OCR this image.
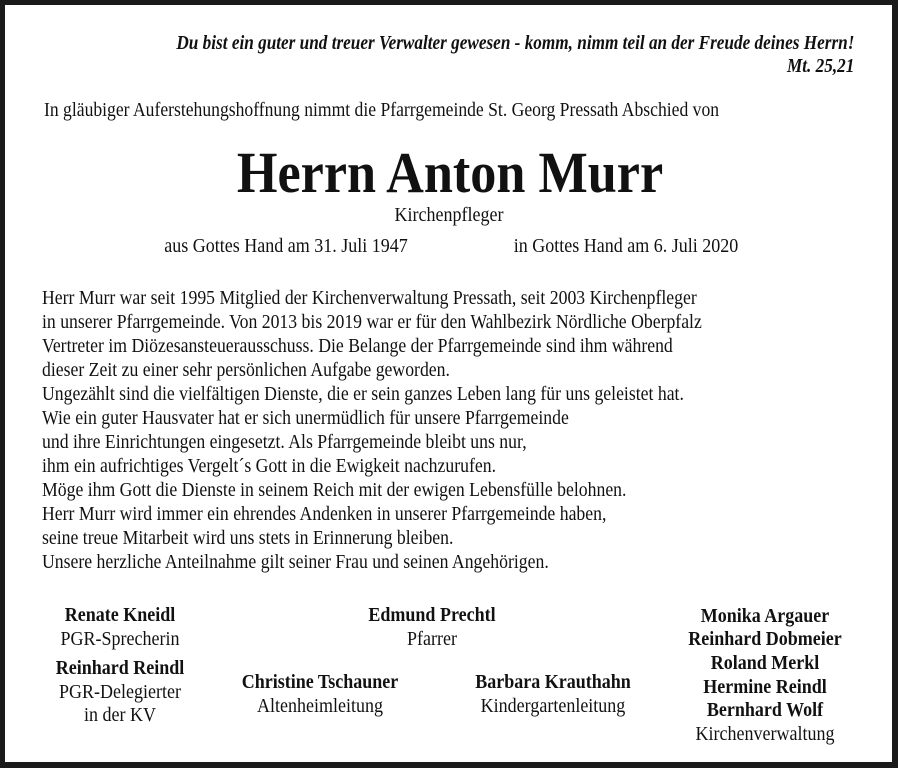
Du bist ein guter und treuer Verwalter gewesen - komm, nimm teil an der Freude deines Herrn!
Mt. 25,21
In gläubiger Auferstehungshoffnung nimmt die Pfarrgemeinde St. Georg Pressath Abschied von
Herrn Anton Murr
Kirchenpfleger
aus Gottes Hand am 31. Juli 1947	in Gottes Hand am 6. Juli 2020
Herr Murr war seit 1995 Mitglied der Kirchenverwaltung Pressath, seit 2003 Kirchenpfleger
in unserer Pfarrgemeinde. Von 2013 bis 2019 war er für den Wahlbezirk Nördliche Oberpfalz
Vertreter im Diözesansteuerausschuss. Die Belange der Pfarrgemeinde sind ihm während
dieser Zeit zu einer sehr persönlichen Aufgabe geworden.
Ungezählt sind die vielfältigen Dienste, die er sein ganzes Leben lang für uns geleistet hat.
Wie ein guter Hausvater hat er sich unermüdlich für unsere Pfarrgemeinde
und ihre Einrichtungen eingesetzt. Als Pfarrgemeinde bleibt uns nur,
ihm ein aufrichtiges Vergelt´s Gott in die Ewigkeit nachzurufen.
Möge ihm Gott die Dienste in seinem Reich mit der ewigen Lebensfülle belohnen.
Herr Murr wird immer ein ehrendes Andenken in unserer Pfarrgemeinde haben,
seine treue Mitarbeit wird uns stets in Erinnerung bleiben.
Unsere herzliche Anteilnahme gilt seiner Frau und seinen Angehörigen.
Renate Kneidl
PGR-Sprecherin
Reinhard Reindl
PGR-Delegierter
in der KV
Edmund Prechtl
Pfarrer
Christine Tschauner
Altenheimleitung
Barbara Krauthahn
Kindergartenleitung
Monika Argauer
Reinhard Dobmeier
Roland Merkl
Hermine Reindl
Bernhard Wolf
Kirchenverwaltung
